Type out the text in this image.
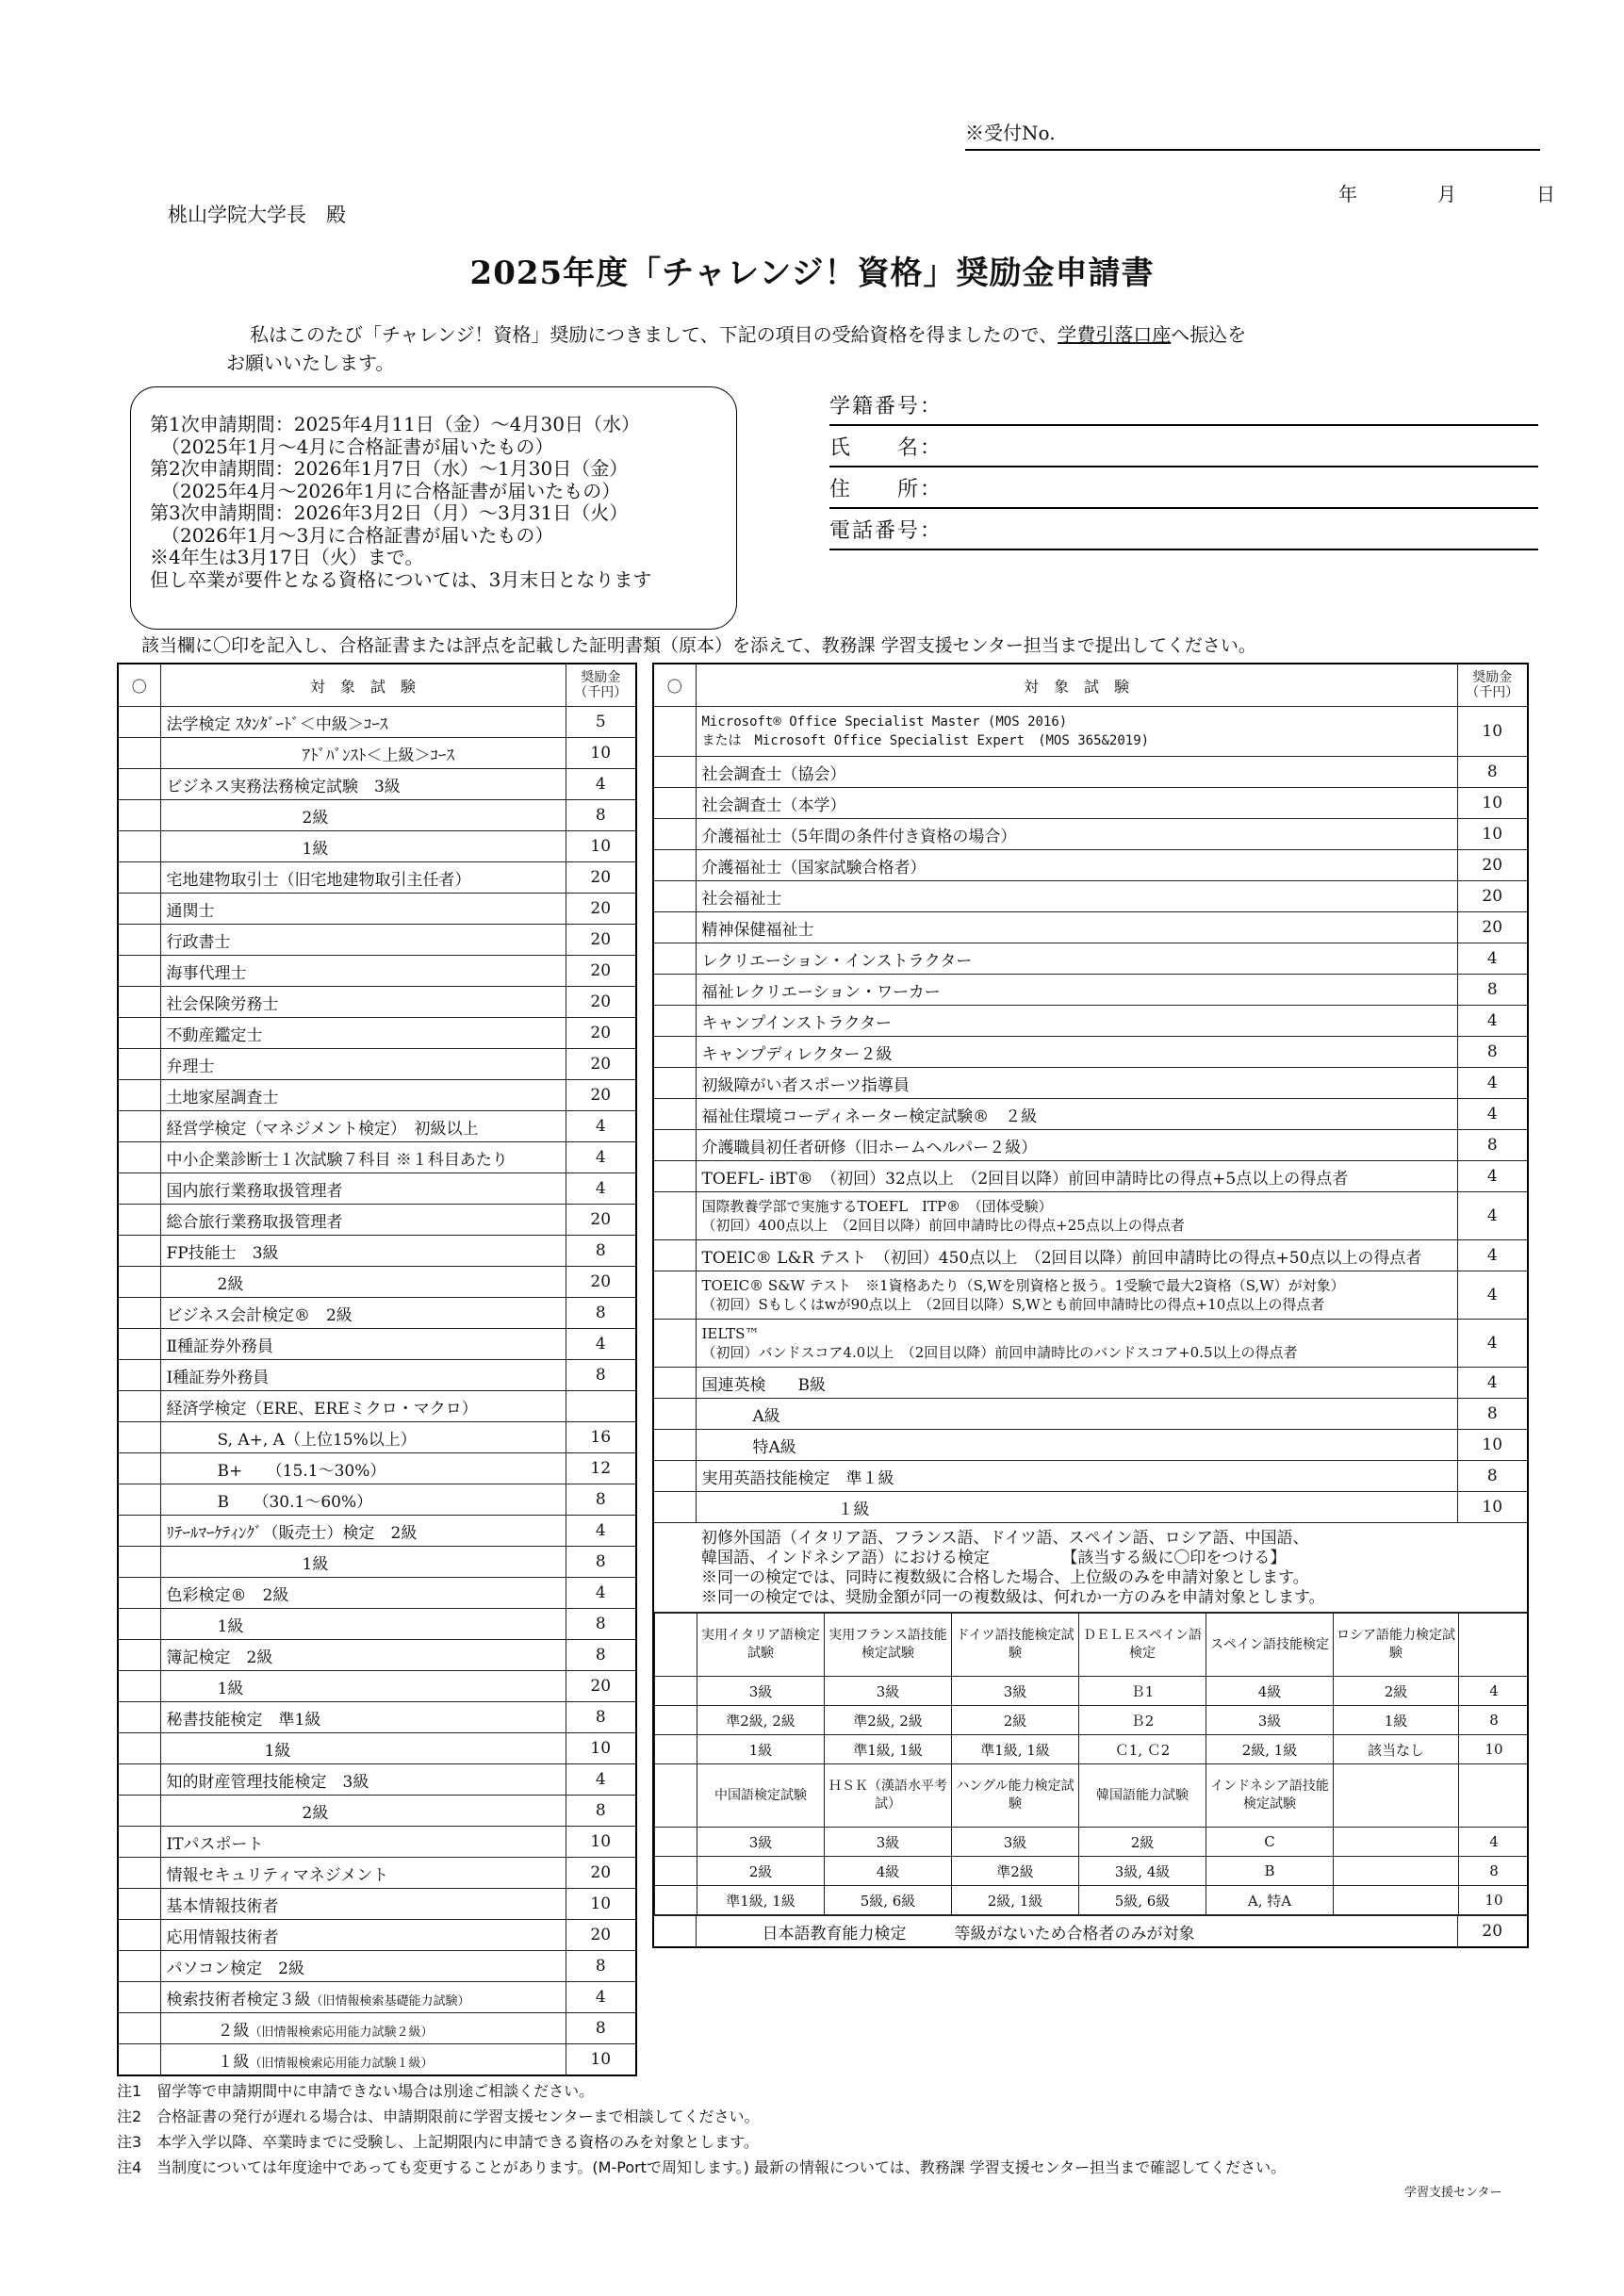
※受付No.
年	月	日
桃山学院大学長　殿
2025年度「チャレンジ！資格」奨励金申請書
私はこのたび「チャレンジ！資格」奨励につきまして、下記の項目の受給資格を得ましたので、学費引落口座へ振込を
お願いいたします。
第1次申請期間：2025年4月11日（金）～4月30日（水）
（2025年1月～4月に合格証書が届いたもの）
第2次申請期間：2026年1月7日（水）～1月30日（金）
（2025年4月～2026年1月に合格証書が届いたもの）
第3次申請期間：2026年3月2日（月）～3月31日（火）
（2026年1月～3月に合格証書が届いたもの）
※4年生は3月17日（火）まで。
但し卒業が要件となる資格については、3月末日となります
学籍番号：
氏　　名：
住　　所：
電話番号：
該当欄に〇印を記入し、合格証書または評点を記載した証明書類（原本）を添えて、教務課 学習支援センター担当まで提出してください。
〇	対　象　試　験	奨励金
（千円）

	法学検定 ｽﾀﾝﾀﾞｰﾄﾞ＜中級＞ｺｰｽ	5
	ｱﾄﾞﾊﾞﾝｽﾄ＜上級＞ｺｰｽ	10
	ビジネス実務法務検定試験　3級	4
	2級	8
	1級	10
	宅地建物取引士（旧宅地建物取引主任者）	20
	通関士	20
	行政書士	20
	海事代理士	20
	社会保険労務士	20
	不動産鑑定士	20
	弁理士	20
	土地家屋調査士	20
	経営学検定（マネジメント検定）　初級以上	4
	中小企業診断士１次試験７科目 ※１科目あたり	4
	国内旅行業務取扱管理者	4
	総合旅行業務取扱管理者	20
	FP技能士　3級	8
	2級	20
	ビジネス会計検定®　2級	8
	Ⅱ種証券外務員	4
	Ⅰ種証券外務員	8
	経済学検定（ERE、EREミクロ・マクロ）	
	S, A+, A（上位15%以上）	16
	B+　　（15.1～30%）	12
	B　　（30.1～60%）	8
	ﾘﾃｰﾙﾏｰｹﾃｨﾝｸﾞ（販売士）検定　2級	4
	1級	8
	色彩検定®　2級	4
	1級	8
	簿記検定　2級	8
	1級	20
	秘書技能検定　準1級	8
	1級	10
	知的財産管理技能検定　3級	4
	2級	8
	ITパスポート	10
	情報セキュリティマネジメント	20
	基本情報技術者	10
	応用情報技術者	20
	パソコン検定　2級	8
	検索技術者検定３級（旧情報検索基礎能力試験）	4
	２級（旧情報検索応用能力試験２級）	8
	１級（旧情報検索応用能力試験１級）	10
〇	対　象　試　験	奨励金
（千円）

Microsoft® Office Specialist Master (MOS 2016)
または　Microsoft Office Specialist Expert　(MOS 365&2019)	10
	社会調査士（協会）	8
	社会調査士（本学）	10
	介護福祉士（5年間の条件付き資格の場合）	10
	介護福祉士（国家試験合格者）	20
	社会福祉士	20
	精神保健福祉士	20
	レクリエーション・インストラクター	4
	福祉レクリエーション・ワーカー	8
	キャンプインストラクター	4
	キャンプディレクター２級	8
	初級障がい者スポーツ指導員	4
	福祉住環境コーディネーター検定試験®　２級	4
	介護職員初任者研修（旧ホームヘルパー２級）	8
	TOEFL- iBT®　（初回）32点以上　（2回目以降）前回申請時比の得点+5点以上の得点者	4

国際教養学部で実施するTOEFL　ITP®　（団体受験）
（初回）400点以上　（2回目以降）前回申請時比の得点+25点以上の得点者	4
	TOEIC® L&R テスト　（初回）450点以上　（2回目以降）前回申請時比の得点+50点以上の得点者	4

TOEIC® S&W テスト　※1資格あたり（S,Wを別資格と扱う。1受験で最大2資格（S,W）が対象）
（初回）Sもしくはwが90点以上　（2回目以降）S,Wとも前回申請時比の得点+10点以上の得点者	4

IELTS™
（初回）バンドスコア4.0以上　（2回目以降）前回申請時比のバンドスコア+0.5以上の得点者	4
	国連英検　　B級	4
	A級	8
	特A級	10
	実用英語技能検定　準１級	8
	１級	10

初修外国語（イタリア語、フランス語、ドイツ語、スペイン語、ロシア語、中国語、
韓国語、インドネシア語）における検定　　　　　【該当する級に〇印をつける】
※同一の検定では、同時に複数級に合格した場合、上位級のみを申請対象とします。
※同一の検定では、奨励金額が同一の複数級は、何れか一方のみを申請対象とします。

	実用イタリア語検定試験	実用フランス語技能検定試験	ドイツ語技能検定試験	ＤＥＬＥスペイン語検定	スペイン語技能検定	ロシア語能力検定試験	
	3級	3級	3級	Ｂ1	4級	2級	4
	準2級, 2級	準2級, 2級	2級	Ｂ2	3級	1級	8
	1級	準1級, 1級	準1級, 1級	Ｃ1, Ｃ2	2級, 1級	該当なし	10
	中国語検定試験	ＨＳＫ（漢語水平考試）	ハングル能力検定試験	韓国語能力試験	インドネシア語技能検定試験		
	3級	3級	3級	2級	C		4
	2級	4級	準2級	3級, 4級	B		8
	準1級, 1級	5級, 6級	2級, 1級	5級, 6級	A, 特A		10

	日本語教育能力検定　　　等級がないため合格者のみが対象	20
注1　留学等で申請期間中に申請できない場合は別途ご相談ください。
注2　合格証書の発行が遅れる場合は、申請期限前に学習支援センターまで相談してください。
注3　本学入学以降、卒業時までに受験し、上記期限内に申請できる資格のみを対象とします。
注4　当制度については年度途中であっても変更することがあります。(M-Portで周知します。) 最新の情報については、教務課 学習支援センター担当まで確認してください。
学習支援センター
